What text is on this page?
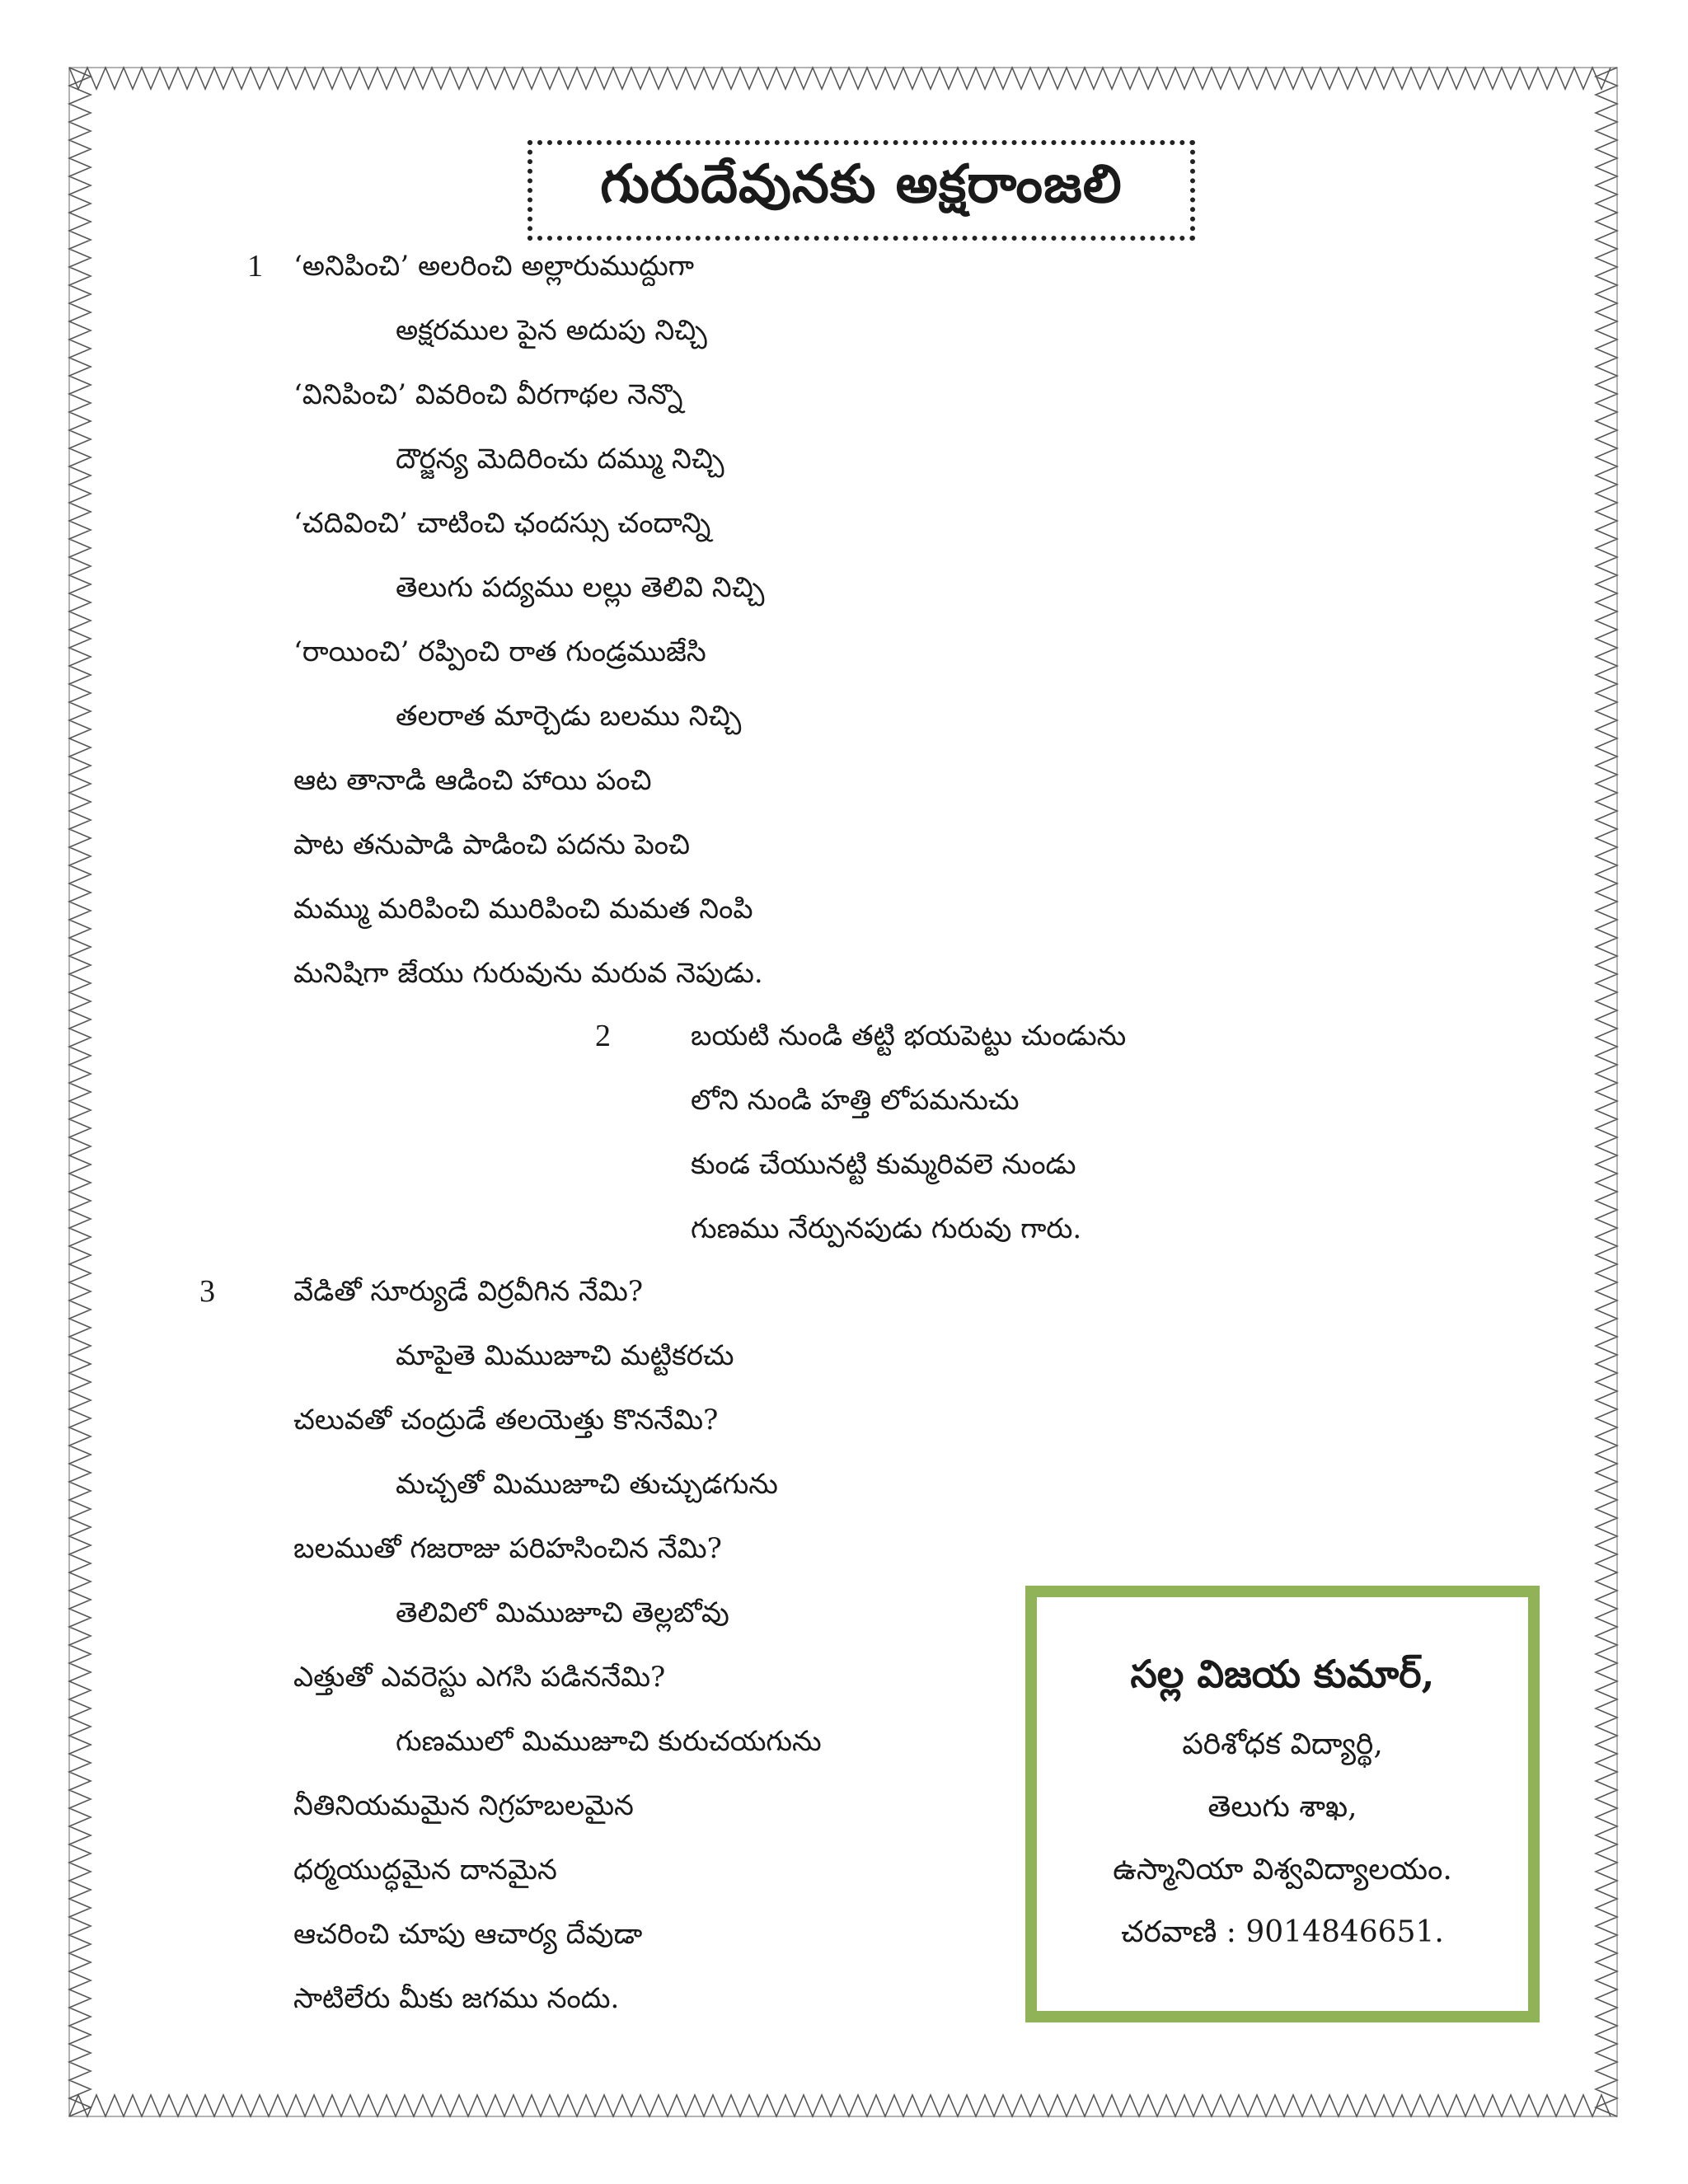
గురుదేవునకు అక్షరాంజలి
1 ‘అనిపించి’ అలరించి అల్లారుముద్దుగా
అక్షరముల పైన అదుపు నిచ్చి
‘వినిపించి’ వివరించి వీరగాథల నెన్నొ
దౌర్జన్య మెదిరించు దమ్ము నిచ్చి
‘చదివించి’ చాటించి ఛందస్సు చందాన్ని
తెలుగు పద్యము లల్లు తెలివి నిచ్చి
‘రాయించి’ రప్పించి రాత గుండ్రముజేసి
తలరాత మార్చెడు బలము నిచ్చి
ఆట తానాడి ఆడించి హాయి పంచి
పాట తనుపాడి పాడించి పదను పెంచి
మమ్ము మరిపించి మురిపించి మమత నింపి
మనిషిగా జేయు గురువును మరువ నెపుడు.
2	బయటి నుండి తట్టి భయపెట్టు చుండును
లోని నుండి హత్తి లోపమనుచు
కుండ చేయునట్టి కుమ్మరివలె నుండు
గుణము నేర్పునపుడు గురువు గారు.
3	వేడితో సూర్యుడే విర్రవీగిన నేమి?
మాపైతె మిముజూచి మట్టికరచు
చలువతో చంద్రుడే తలయెత్తు కొననేమి?
మచ్చతో మిముజూచి తుచ్చుడగును
బలముతో గజరాజు పరిహసించిన నేమి?
తెలివిలో మిముజూచి తెల్లబోవు
ఎత్తుతో ఎవరెస్టు ఎగసి పడిననేమి?
గుణములో మిముజూచి కురుచయగును
నీతినియమమైన నిగ్రహబలమైన
ధర్మయుద్ధమైన దానమైన
ఆచరించి చూపు ఆచార్య దేవుడా
సాటిలేరు మీకు జగము నందు.
సల్ల విజయ కుమార్,
పరిశోధక విద్యార్థి,
తెలుగు శాఖ,
ఉస్మానియా విశ్వవిద్యాలయం.
చరవాణి : 9014846651.
